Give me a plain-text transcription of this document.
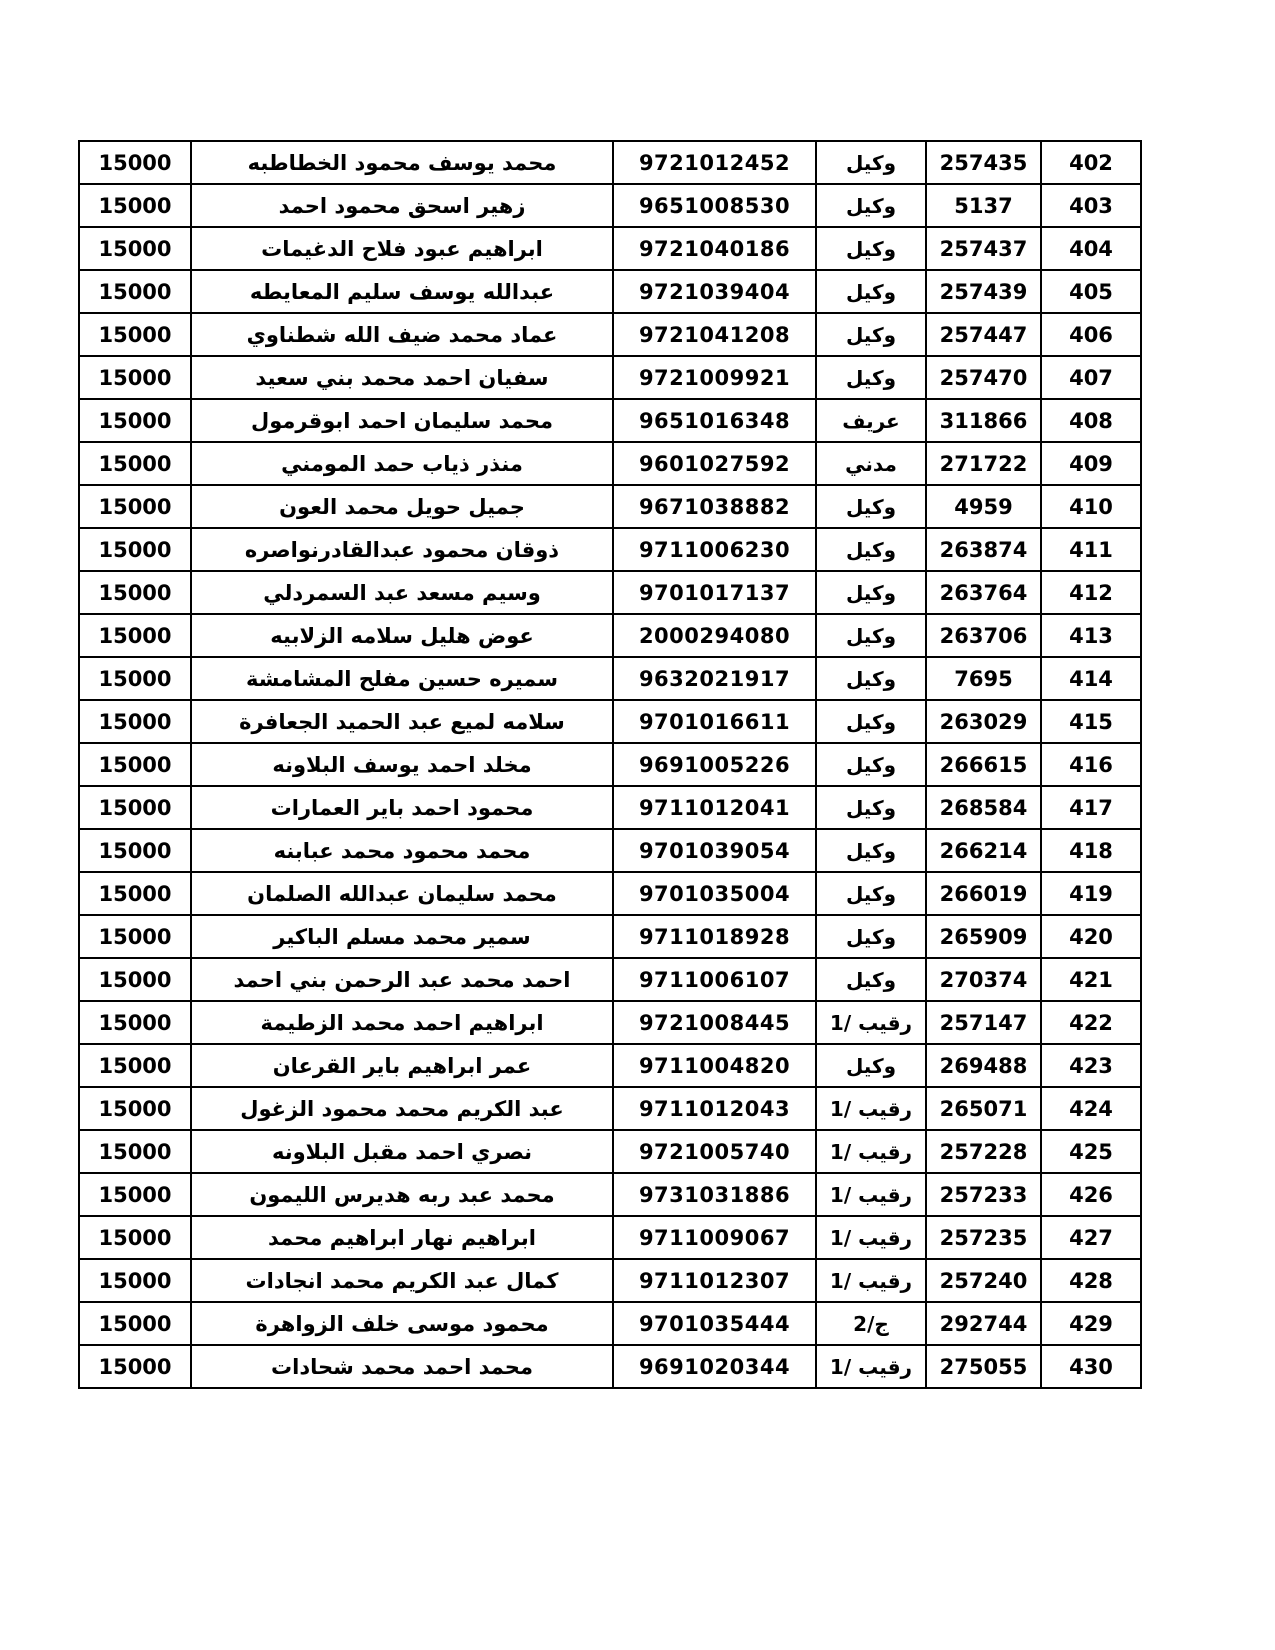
402	257435	وكيل	9721012452	محمد يوسف محمود الخطاطبه	15000
403	5137	وكيل	9651008530	زهير اسحق محمود احمد	15000
404	257437	وكيل	9721040186	ابراهيم عبود فلاح الدغيمات	15000
405	257439	وكيل	9721039404	عبدالله يوسف سليم المعايطه	15000
406	257447	وكيل	9721041208	عماد محمد ضيف الله شطناوي	15000
407	257470	وكيل	9721009921	سفيان احمد محمد بني سعيد	15000
408	311866	عريف	9651016348	محمد سليمان احمد ابوقرمول	15000
409	271722	مدني	9601027592	منذر ذياب حمد المومني	15000
410	4959	وكيل	9671038882	جميل حويل محمد العون	15000
411	263874	وكيل	9711006230	ذوقان محمود عبدالقادرنواصره	15000
412	263764	وكيل	9701017137	وسيم مسعد عبد السمردلي	15000
413	263706	وكيل	2000294080	عوض هليل سلامه الزلابيه	15000
414	7695	وكيل	9632021917	سميره حسين مفلح المشامشة	15000
415	263029	وكيل	9701016611	سلامه لميع عبد الحميد الجعافرة	15000
416	266615	وكيل	9691005226	مخلد احمد يوسف البلاونه	15000
417	268584	وكيل	9711012041	محمود احمد باير العمارات	15000
418	266214	وكيل	9701039054	محمد محمود محمد عبابنه	15000
419	266019	وكيل	9701035004	محمد سليمان عبدالله الصلمان	15000
420	265909	وكيل	9711018928	سمير محمد مسلم الباكير	15000
421	270374	وكيل	9711006107	احمد محمد عبد الرحمن بني احمد	15000
422	257147	رقيب /1	9721008445	ابراهيم احمد محمد الزطيمة	15000
423	269488	وكيل	9711004820	عمر ابراهيم باير القرعان	15000
424	265071	رقيب /1	9711012043	عبد الكريم محمد محمود الزغول	15000
425	257228	رقيب /1	9721005740	نصري احمد مقبل البلاونه	15000
426	257233	رقيب /1	9731031886	محمد عبد ربه هديرس الليمون	15000
427	257235	رقيب /1	9711009067	ابراهيم نهار ابراهيم محمد	15000
428	257240	رقيب /1	9711012307	كمال عبد الكريم محمد انجادات	15000
429	292744	ج/2	9701035444	محمود موسى خلف الزواهرة	15000
430	275055	رقيب /1	9691020344	محمد احمد محمد شحادات	15000
